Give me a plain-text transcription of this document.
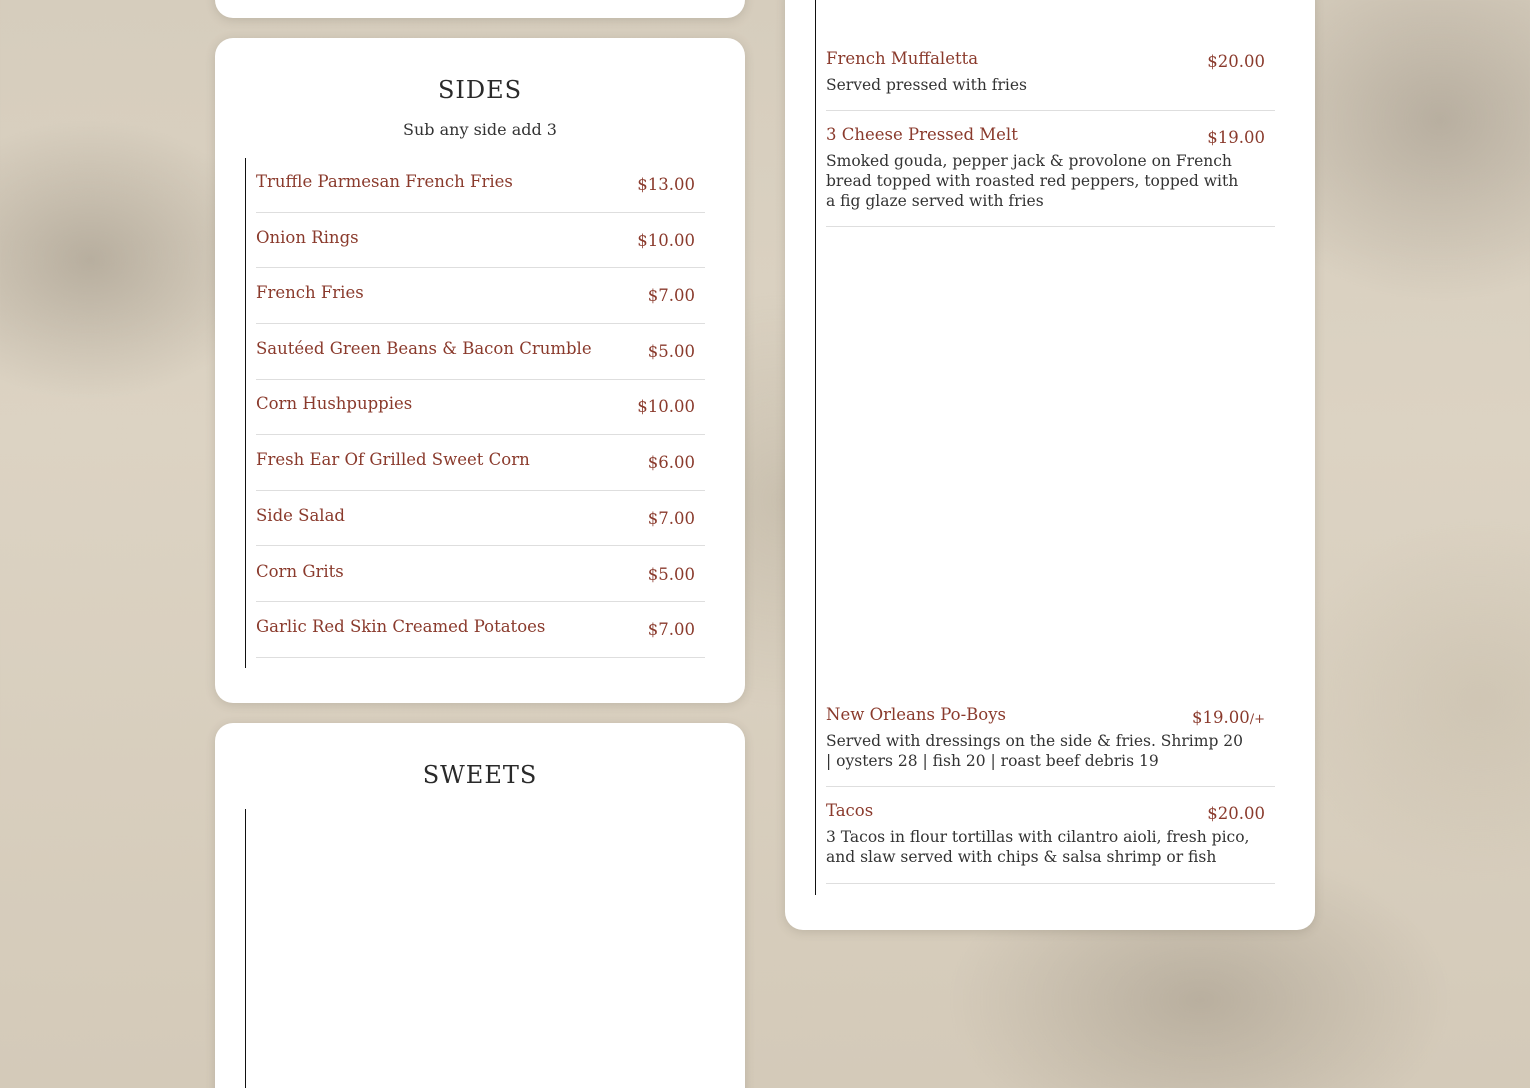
SIDES
Sub any side add 3
Truffle Parmesan French Fries	$13.00
Onion Rings	$10.00
French Fries	$7.00
Sautéed Green Beans & Bacon Crumble	$5.00
Corn Hushpuppies	$10.00
Fresh Ear Of Grilled Sweet Corn	$6.00
Side Salad	$7.00
Corn Grits	$5.00
Garlic Red Skin Creamed Potatoes	$7.00
SWEETS
French Muffaletta	$20.00
Served pressed with fries
3 Cheese Pressed Melt	$19.00
Smoked gouda, pepper jack & provolone on French bread topped with roasted red peppers, topped with a fig glaze served with fries
New Orleans Po-Boys	$19.00/+
Served with dressings on the side & fries. Shrimp 20 | oysters 28 | fish 20 | roast beef debris 19
Tacos	$20.00
3 Tacos in flour tortillas with cilantro aioli, fresh pico, and slaw served with chips & salsa shrimp or fish
